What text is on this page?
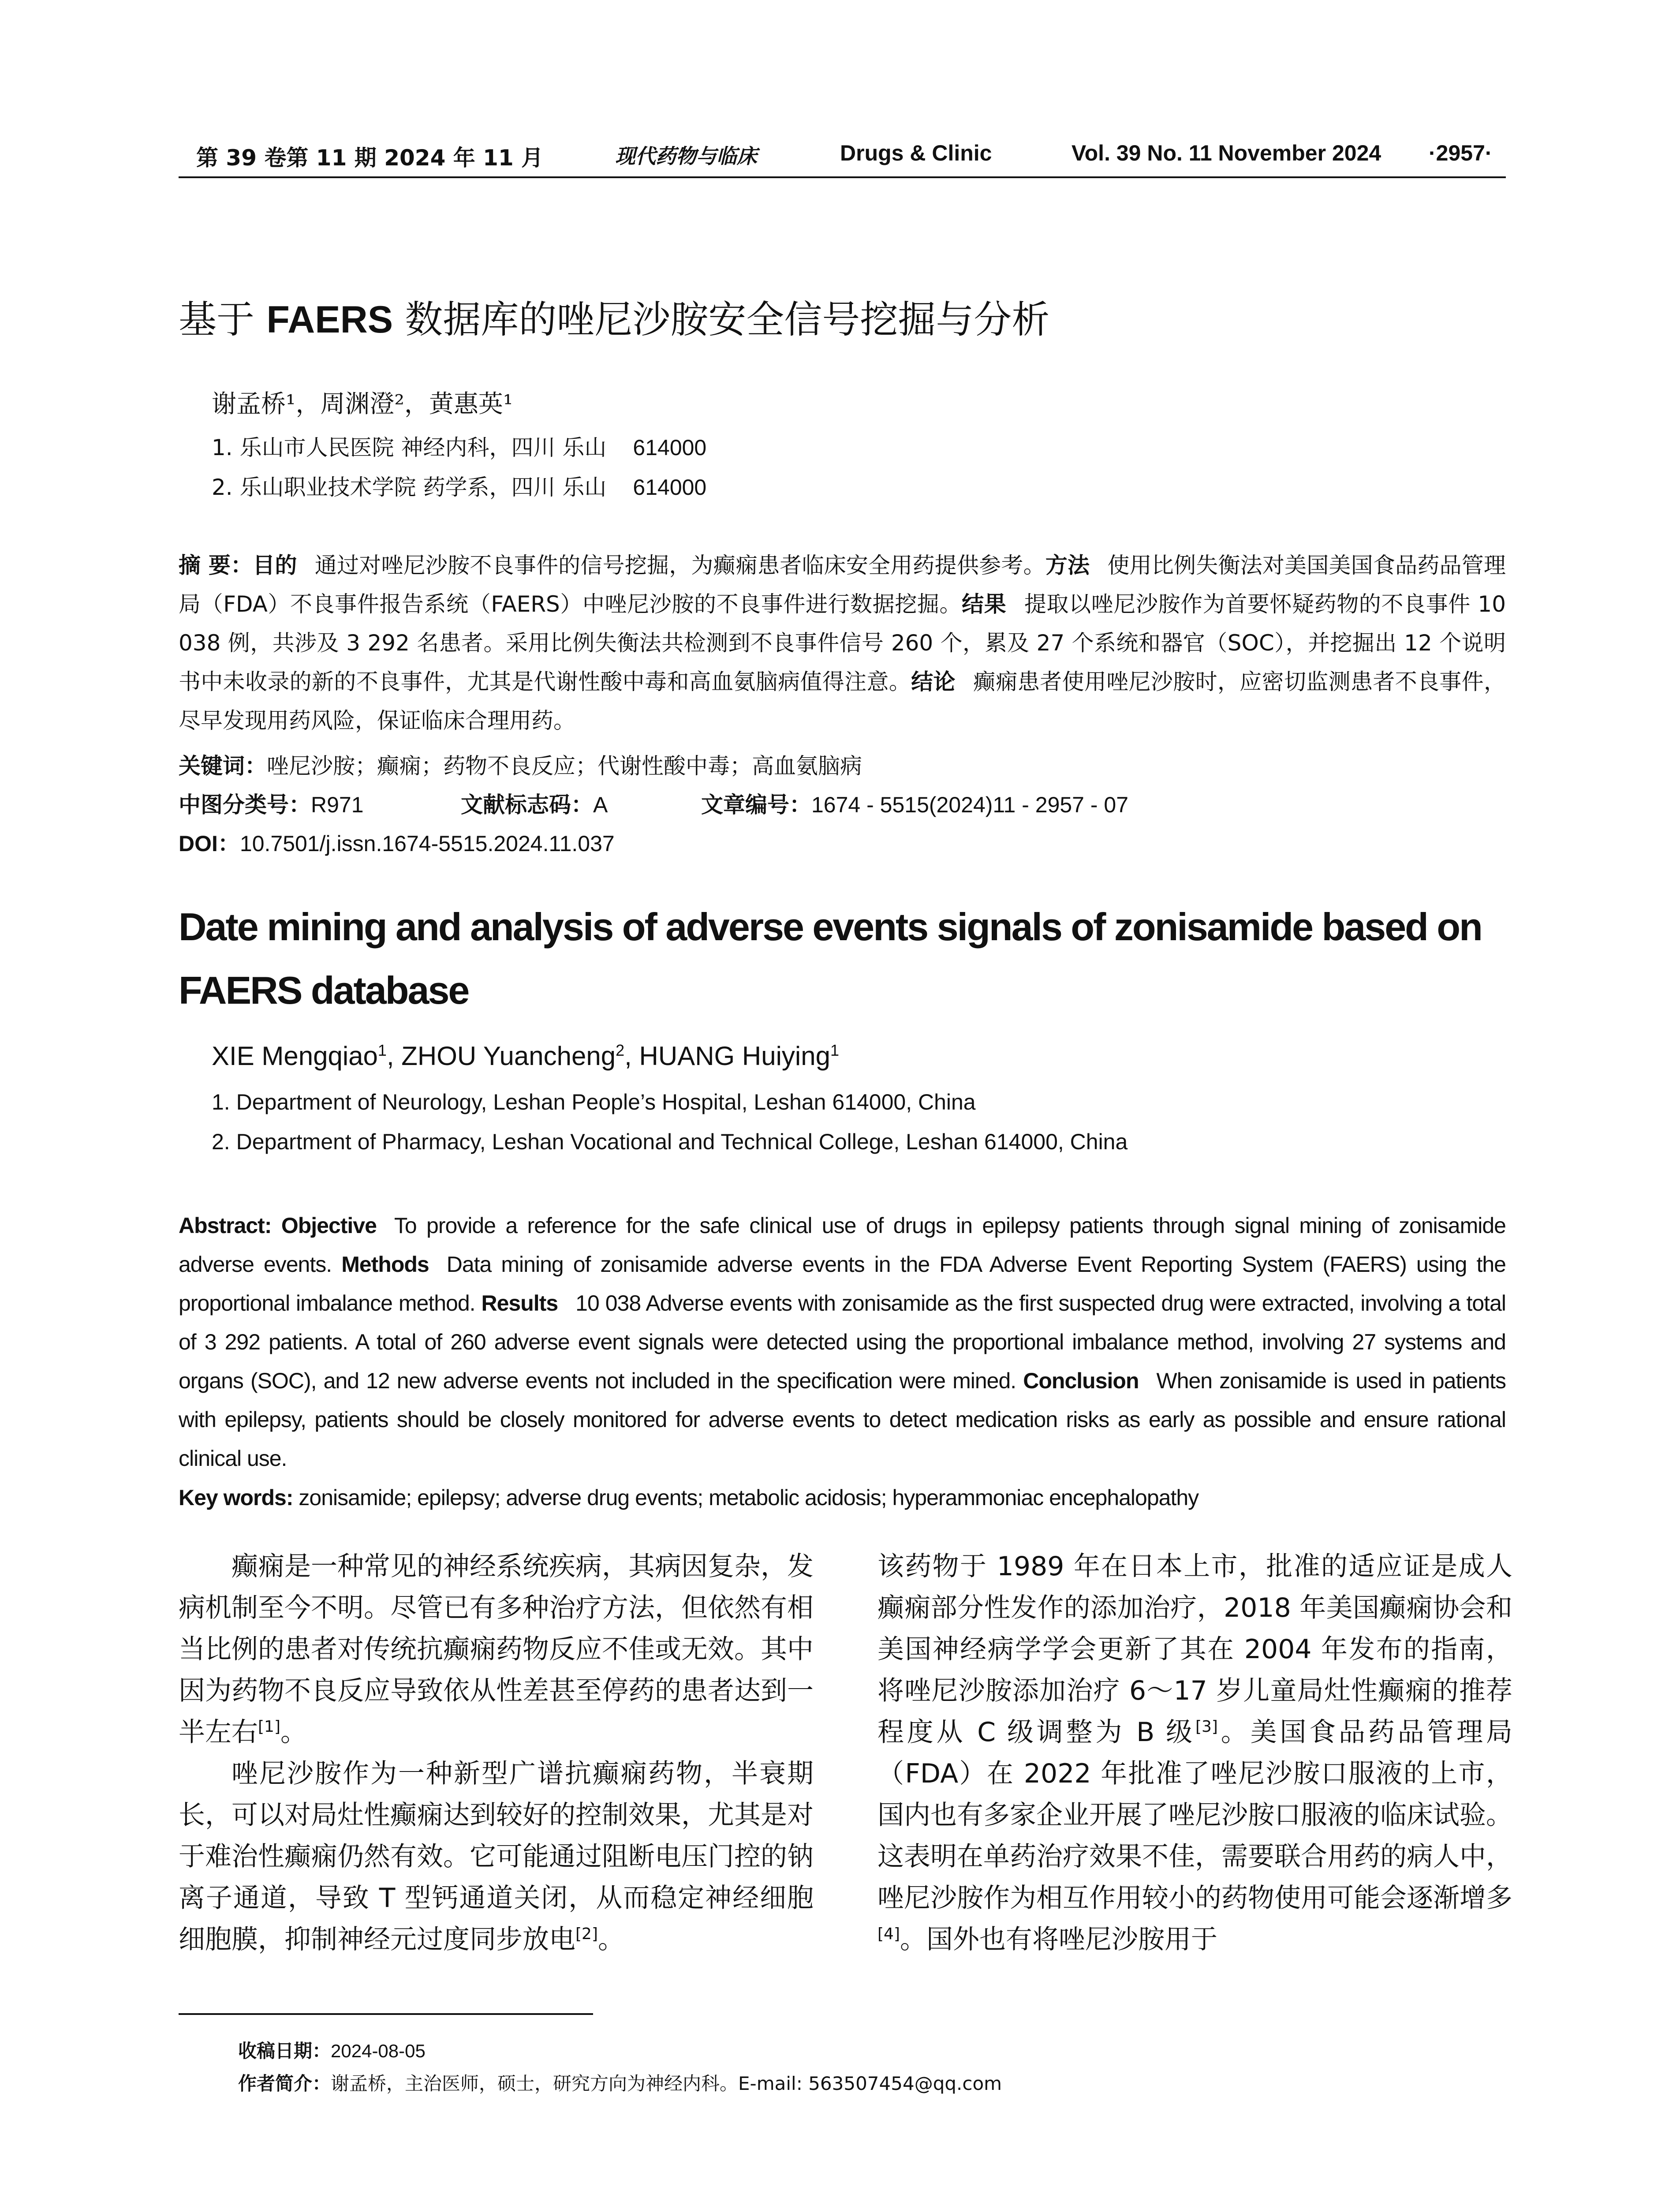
第 39 卷第 11 期 2024 年 11 月	现代药物与临床	Drugs & Clinic	Vol. 39 No. 11 November 2024 ·2957·
基于 FAERS 数据库的唑尼沙胺安全信号挖掘与分析
谢孟桥¹，周渊澄²，黄惠英¹
1. 乐山市人民医院 神经内科，四川 乐山 614000
2. 乐山职业技术学院 药学系，四川 乐山 614000
摘 要：目的 通过对唑尼沙胺不良事件的信号挖掘，为癫痫患者临床安全用药提供参考。方法 使用比例失衡法对美国美国食品药品管理局（FDA）不良事件报告系统（FAERS）中唑尼沙胺的不良事件进行数据挖掘。结果 提取以唑尼沙胺作为首要怀疑药物的不良事件 10 038 例，共涉及 3 292 名患者。采用比例失衡法共检测到不良事件信号 260 个，累及 27 个系统和器官（SOC），并挖掘出 12 个说明书中未收录的新的不良事件，尤其是代谢性酸中毒和高血氨脑病值得注意。结论 癫痫患者使用唑尼沙胺时，应密切监测患者不良事件，尽早发现用药风险，保证临床合理用药。
关键词：唑尼沙胺；癫痫；药物不良反应；代谢性酸中毒；高血氨脑病
中图分类号：R971	文献标志码：A	文章编号：1674 - 5515(2024)11 - 2957 - 07
DOI：10.7501/j.issn.1674-5515.2024.11.037
Date mining and analysis of adverse events signals of zonisamide based on FAERS database
XIE Mengqiao$^1$, ZHOU Yuancheng$^2$, HUANG Huiying$^1$
1. Department of Neurology, Leshan People’s Hospital, Leshan 614000, China
2. Department of Pharmacy, Leshan Vocational and Technical College, Leshan 614000, China
Abstract: Objective To provide a reference for the safe clinical use of drugs in epilepsy patients through signal mining of zonisamide adverse events. Methods Data mining of zonisamide adverse events in the FDA Adverse Event Reporting System (FAERS) using the proportional imbalance method. Results 10 038 Adverse events with zonisamide as the first suspected drug were extracted, involving a total of 3 292 patients. A total of 260 adverse event signals were detected using the proportional imbalance method, involving 27 systems and organs (SOC), and 12 new adverse events not included in the specification were mined. Conclusion When zonisamide is used in patients with epilepsy, patients should be closely monitored for adverse events to detect medication risks as early as possible and ensure rational clinical use.
Key words: zonisamide; epilepsy; adverse drug events; metabolic acidosis; hyperammoniac encephalopathy

癫痫是一种常见的神经系统疾病，其病因复杂，发病机制至今不明。尽管已有多种治疗方法，但依然有相当比例的患者对传统抗癫痫药物反应不佳或无效。其中因为药物不良反应导致依从性差甚至停药的患者达到一半左右[1]。

唑尼沙胺作为一种新型广谱抗癫痫药物，半衰期长，可以对局灶性癫痫达到较好的控制效果，尤其是对于难治性癫痫仍然有效。它可能通过阻断电压门控的钠离子通道，导致 T 型钙通道关闭，从而稳定神经细胞细胞膜，抑制神经元过度同步放电[2]。

该药物于 1989 年在日本上市，批准的适应证是成人癫痫部分性发作的添加治疗，2018 年美国癫痫协会和美国神经病学学会更新了其在 2004 年发布的指南，将唑尼沙胺添加治疗 6～17 岁儿童局灶性癫痫的推荐程度从 C 级调整为 B 级[3]。美国食品药品管理局（FDA）在 2022 年批准了唑尼沙胺口服液的上市，国内也有多家企业开展了唑尼沙胺口服液的临床试验。这表明在单药治疗效果不佳，需要联合用药的病人中，唑尼沙胺作为相互作用较小的药物使用可能会逐渐增多[4]。国外也有将唑尼沙胺用于

收稿日期：2024-08-05
作者简介：谢孟桥，主治医师，硕士，研究方向为神经内科。E-mail: 563507454@qq.com
